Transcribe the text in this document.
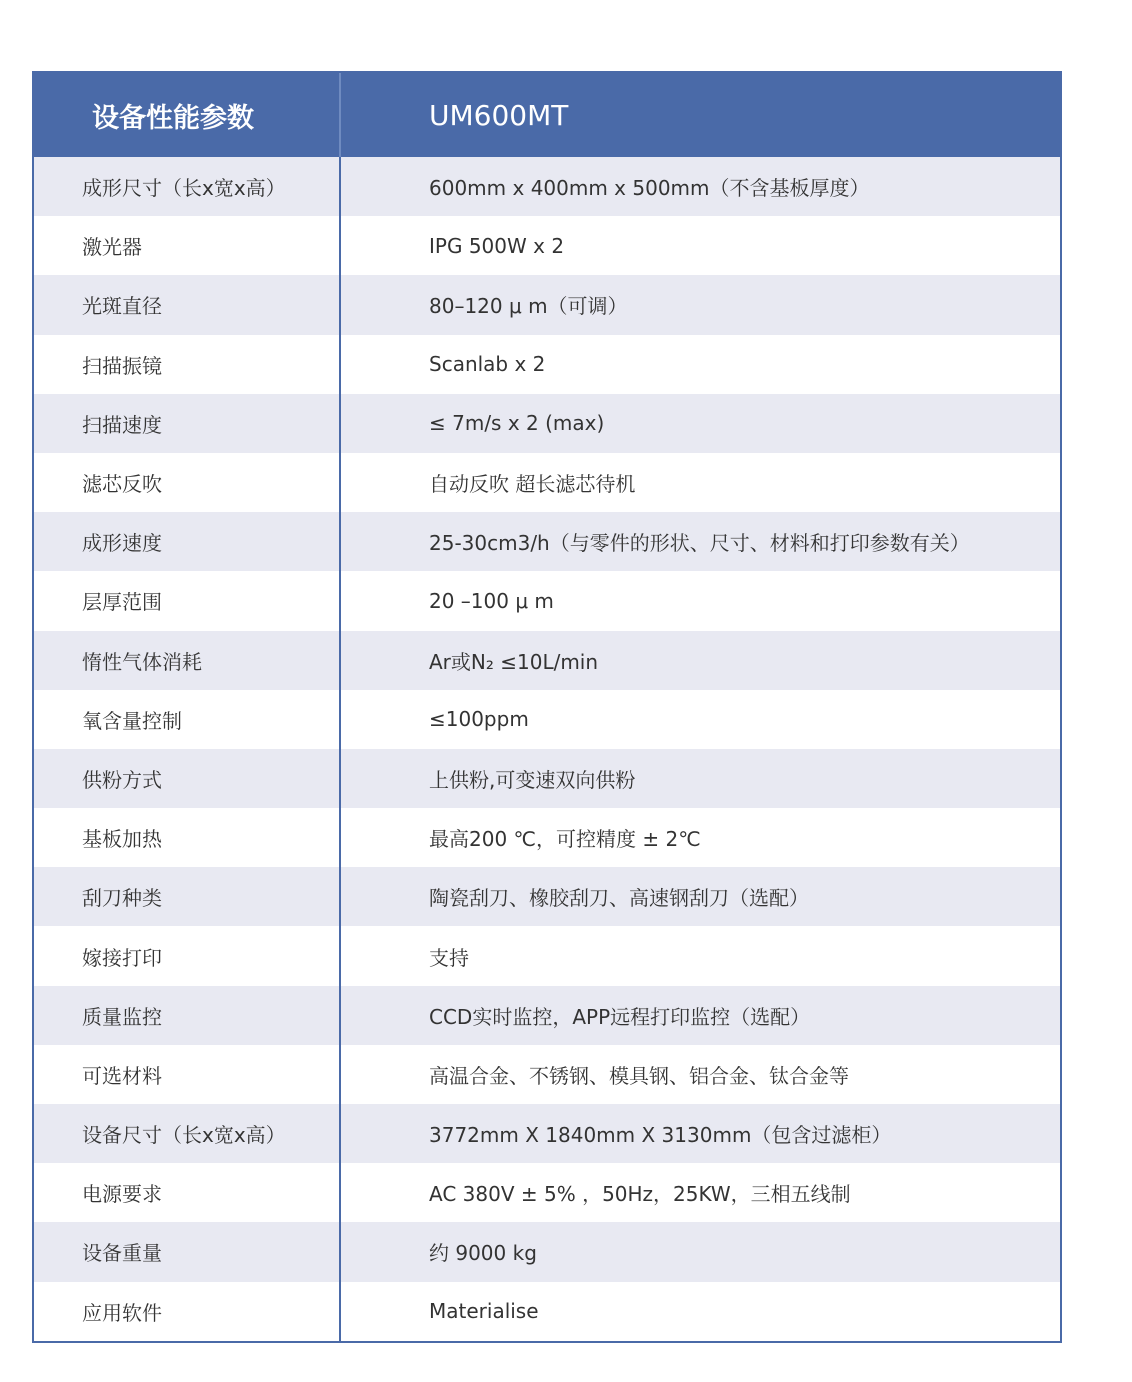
设备性能参数	UM600MT
成形尺寸（长x宽x高）	600mm x 400mm x 500mm（不含基板厚度）
激光器	IPG 500W x 2
光斑直径	80–120 μ m（可调）
扫描振镜	Scanlab x 2
扫描速度	≤ 7m/s x 2 (max)
滤芯反吹	自动反吹 超长滤芯待机
成形速度	25-30cm3/h（与零件的形状、尺寸、材料和打印参数有关）
层厚范围	20 –100 μ m
惰性气体消耗	Ar或N₂ ≤10L/min
氧含量控制	≤100ppm
供粉方式	上供粉,可变速双向供粉
基板加热	最高200 ℃，可控精度 ± 2℃
刮刀种类	陶瓷刮刀、橡胶刮刀、高速钢刮刀（选配）
嫁接打印	支持
质量监控	CCD实时监控，APP远程打印监控（选配）
可选材料	高温合金、不锈钢、模具钢、铝合金、钛合金等
设备尺寸（长x宽x高）	3772mm X 1840mm X 3130mm（包含过滤柜）
电源要求	AC 380V ± 5% ，50Hz，25KW，三相五线制
设备重量	约 9000 kg
应用软件	Materialise
